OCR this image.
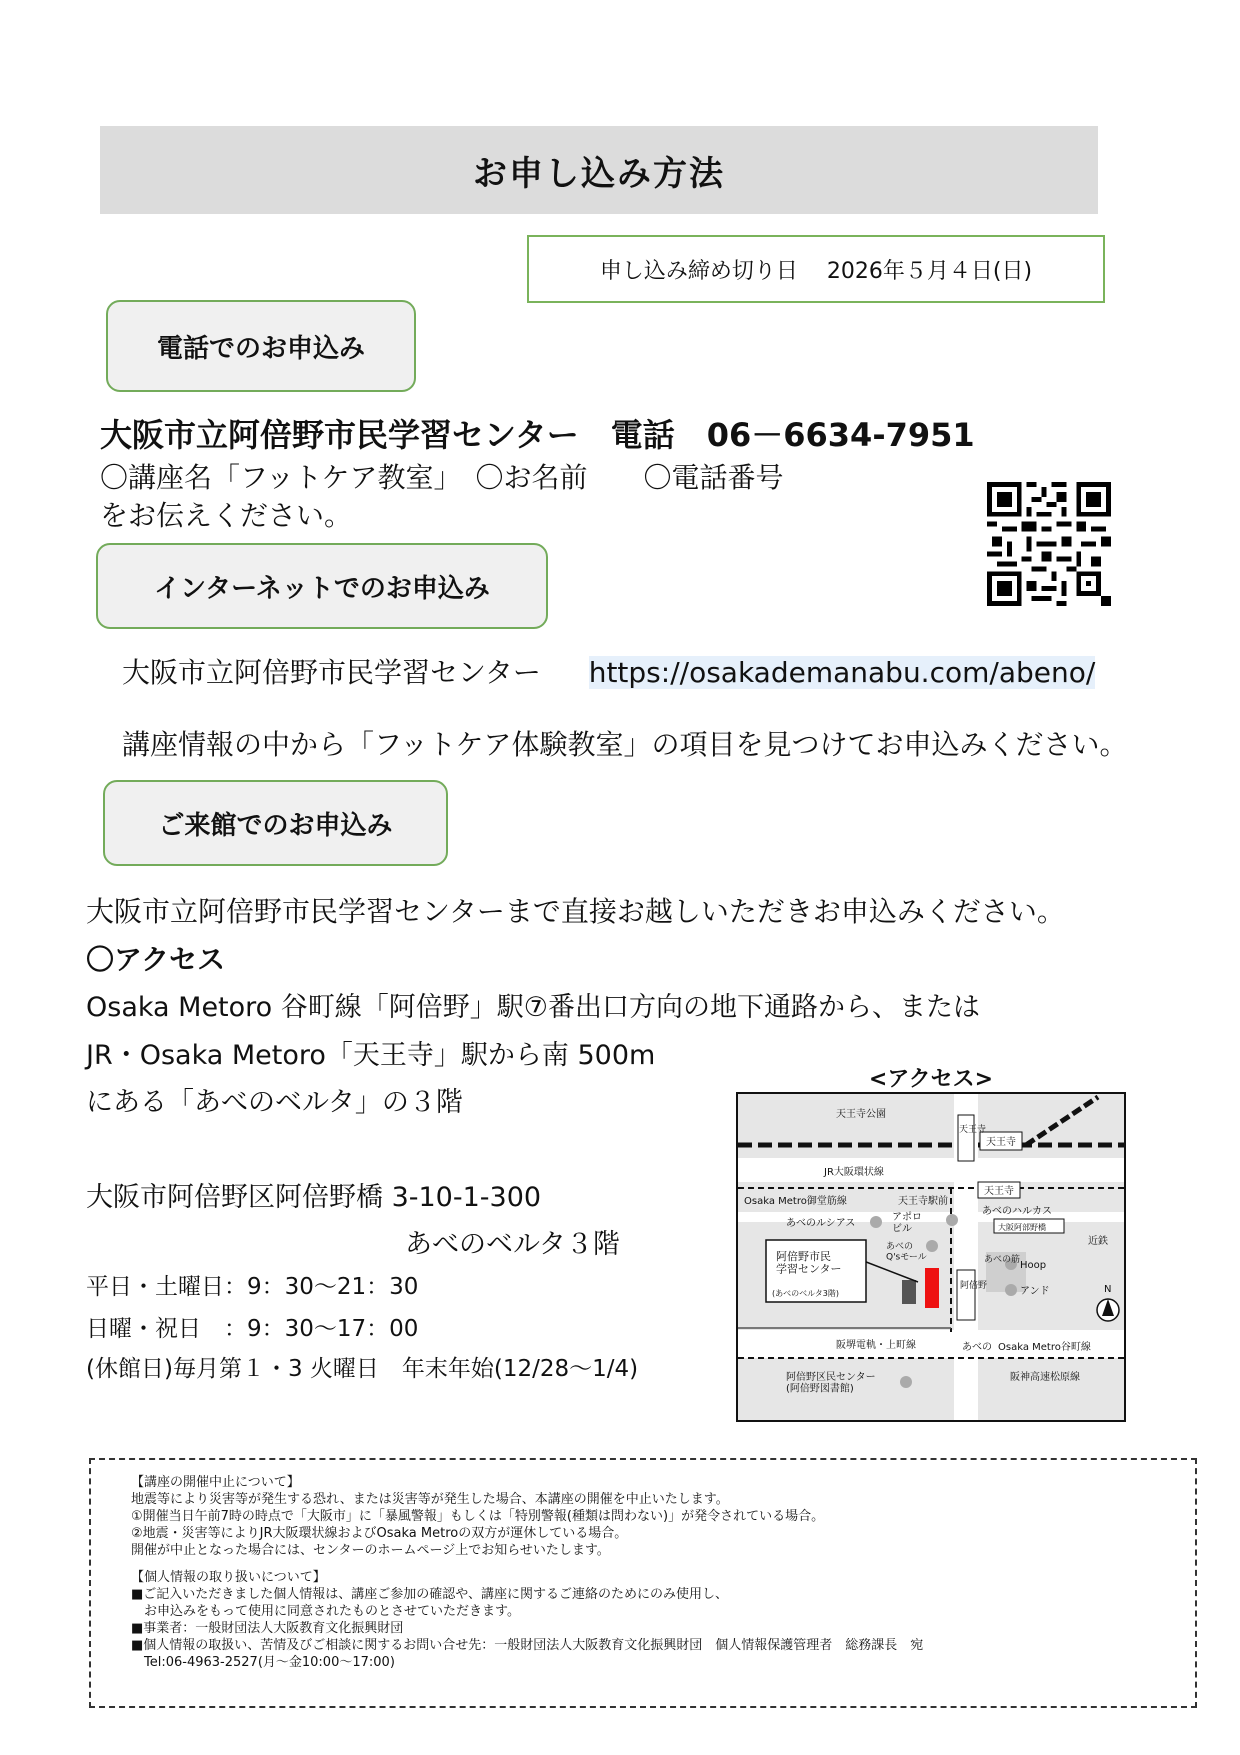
お申し込み方法
申し込み締め切り日　 2026年５月４日(日)
電話でのお申込み
大阪市立阿倍野市民学習センター　電話　06－6634-7951
〇講座名「フットケア教室」　〇お名前　　〇電話番号
をお伝えください。
インターネットでのお申込み
大阪市立阿倍野市民学習センター https://osakademanabu.com/abeno/
講座情報の中から「フットケア体験教室」の項目を見つけてお申込みください。
ご来館でのお申込み
大阪市立阿倍野市民学習センターまで直接お越しいただきお申込みください。
〇アクセス
Osaka Metoro 谷町線「阿倍野」駅⑦番出口方向の地下通路から、または
JR・Osaka Metoro「天王寺」駅から南 500m
にある「あべのベルタ」の３階
大阪市阿倍野区阿倍野橋 3-10-1-300
あべのベルタ３階
平日・土曜日：9：30～21：30
日曜・祝日　：9：30～17：00
(休館日)毎月第１・3 火曜日　年末年始(12/28～1/4)
<アクセス>
天王寺公園
天王寺
JR大阪環状線
Osaka Metro御堂筋線	天王寺駅前
天王寺
あべのハルカス
大阪阿部野橋
近鉄
あべのルシアス
アポロビル
あべの Q'sモール
阿倍野市民学習センター
(あべのベルタ3階)
Hoop
アンド
あべの筋
阿倍野	N
阪堺電軌・上町線	あべの Osaka Metro谷町線
阿倍野区民センター(阿倍野図書館)
阪神高速松原線
天王寺

【講座の開催中止について】

地震等により災害等が発生する恐れ、または災害等が発生した場合、本講座の開催を中止いたします。

①開催当日午前7時の時点で「大阪市」に「暴風警報」もしくは「特別警報(種類は問わない)」が発令されている場合。

②地震・災害等によりJR大阪環状線およびOsaka Metroの双方が運休している場合。

開催が中止となった場合には、センターのホームページ上でお知らせいたします。

【個人情報の取り扱いについて】

■ご記入いただきました個人情報は、講座ご参加の確認や、講座に関するご連絡のためにのみ使用し、

　お申込みをもって使用に同意されたものとさせていただきます。

■事業者：一般財団法人大阪教育文化振興財団

■個人情報の取扱い、苦情及びご相談に関するお問い合せ先：一般財団法人大阪教育文化振興財団　個人情報保護管理者　総務課長　宛

　Tel:06-4963-2527(月～金10:00～17:00)
